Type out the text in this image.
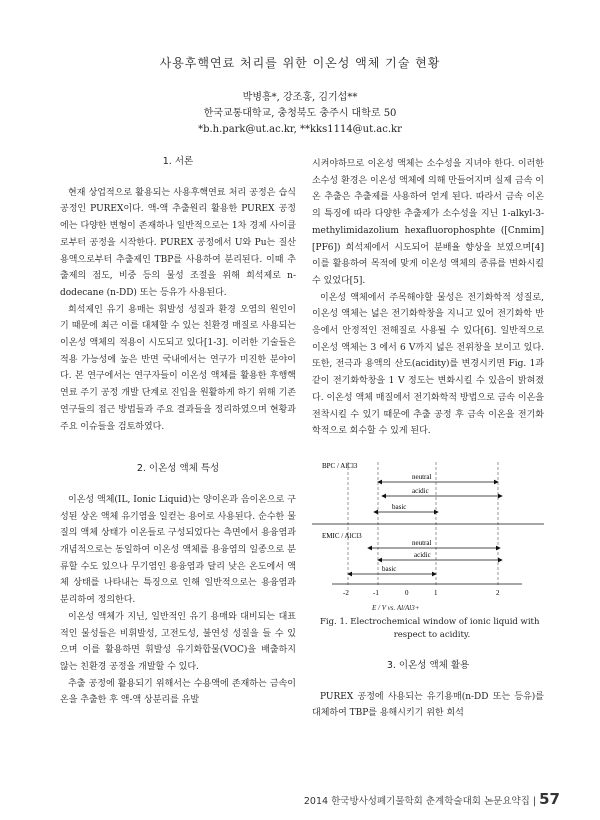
사용후핵연료 처리를 위한 이온성 액체 기술 현황
박병흥*, 강조홍, 김기섭**
한국교통대학교, 충청북도 충주시 대학로 50
*b.h.park@ut.ac.kr, **kks1114@ut.ac.kr
1. 서론

현재 상업적으로 활용되는 사용후핵연료 처리 공정은 습식공정인 PUREX이다. 액-액 추출원리 활용한 PUREX 공정에는 다양한 변형이 존재하나 일반적으로는 1차 경제 사이클로부터 공정을 시작한다. PUREX 공정에서 U와 Pu는 질산 용액으로부터 추출제인 TBP를 사용하여 분리된다. 이때 추출제의 점도, 비중 등의 물성 조절을 위해 희석제로 n-dodecane (n-DD) 또는 등유가 사용된다.

희석제인 유기 용매는 휘발성 성질과 환경 오염의 원인이기 때문에 최근 이를 대체할 수 있는 친환경 매질로 사용되는 이온성 액체의 적용이 시도되고 있다[1-3]. 이러한 기술들은 적용 가능성에 높은 반면 국내에서는 연구가 미진한 분야이다. 본 연구에서는 연구자들이 이온성 액체를 활용한 후행핵연료 주기 공정 개발 단계로 진입을 원활하게 하기 위해 기존 연구들의 접근 방법들과 주요 결과들을 정리하였으며 현황과 주요 이슈들을 검토하였다.

2. 이온성 액체 특성

이온성 액체(IL, Ionic Liquid)는 양이온과 음이온으로 구성된 상온 액체 유기염을 일컫는 용어로 사용된다. 순수한 물질의 액체 상태가 이온들로 구성되었다는 측면에서 용융염과 개념적으로는 동일하여 이온성 액체를 용융염의 일종으로 분류할 수도 있으나 무기염인 용융염과 달리 낮은 온도에서 액체 상태를 나타내는 특징으로 인해 일반적으로는 용융염과 분리하여 정의한다.

이온성 액체가 지닌, 일반적인 유기 용매와 대비되는 대표적인 물성들은 비휘발성, 고전도성, 불연성 성질을 들 수 있으며 이를 활용하면 휘발성 유기화합물(VOC)을 배출하지 않는 친환경 공정을 개발할 수 있다.

추출 공정에 활용되기 위해서는 수용액에 존재하는 금속이온을 추출한 후 액-액 상분리를 유발

시켜야하므로 이온성 액체는 소수성을 지녀야 한다. 이러한 소수성 환경은 이온성 액체에 의해 만들어지며 실제 금속 이온 추출은 추출제를 사용하여 얻게 된다. 따라서 금속 이온의 특징에 따라 다양한 추출제가 소수성을 지닌 1-alkyl-3-methylimidazolium hexafluorophosphte ([Cnmim][PF6]) 희석제에서 시도되어 분배율 향상을 보였으며[4] 이를 활용하여 목적에 맞게 이온성 액체의 종류를 변화시킬 수 있었다[5].

이온성 액체에서 주목해야할 물성은 전기화학적 성질로, 이온성 액체는 넓은 전기화학창을 지니고 있어 전기화학 반응에서 안정적인 전해질로 사용될 수 있다[6]. 일반적으로 이온성 액체는 3 에서 6 V까지 넓은 전위창을 보이고 있다. 또한, 전극과 용액의 산도(acidity)를 변경시키면 Fig. 1과 같이 전기화학창을 1 V 정도는 변화시킬 수 있음이 밝혀졌다. 이온성 액체 매질에서 전기화학적 방법으로 금속 이온을 전착시킬 수 있기 때문에 추출 공정 후 금속 이온을 전기화학적으로 회수할 수 있게 된다.

BPC / AlCl3
neutral
acidic
basic
EMIC / AlCl3
neutral
acidic
basic
-2	-1	0	1	2
E / V vs. Al/Al3+
Fig. 1. Electrochemical window of ionic liquid with
respect to acidity.
3. 이온성 액체 활용

PUREX 공정에 사용되는 유기용매(n-DD 또는 등유)를 대체하여 TBP를 용해시키기 위한 희석

2014 한국방사성폐기물학회 춘계학술대회 논문요약집 | 57
